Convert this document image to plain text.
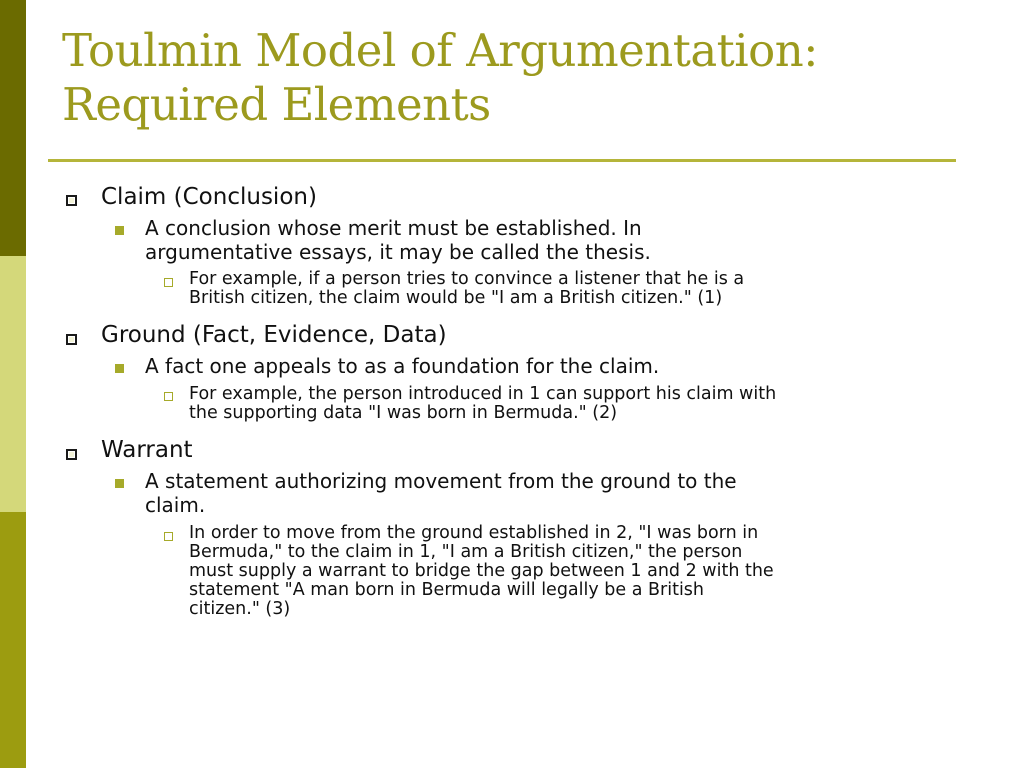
Toulmin Model of Argumentation:
Required Elements
Claim (Conclusion)
A conclusion whose merit must be established. In
argumentative essays, it may be called the thesis.
For example, if a person tries to convince a listener that he is a
British citizen, the claim would be "I am a British citizen." (1)
Ground (Fact, Evidence, Data)
A fact one appeals to as a foundation for the claim.
For example, the person introduced in 1 can support his claim with
the supporting data "I was born in Bermuda." (2)
Warrant
A statement authorizing movement from the ground to the
claim.
In order to move from the ground established in 2, "I was born in
Bermuda," to the claim in 1, "I am a British citizen," the person
must supply a warrant to bridge the gap between 1 and 2 with the
statement "A man born in Bermuda will legally be a British
citizen." (3)
